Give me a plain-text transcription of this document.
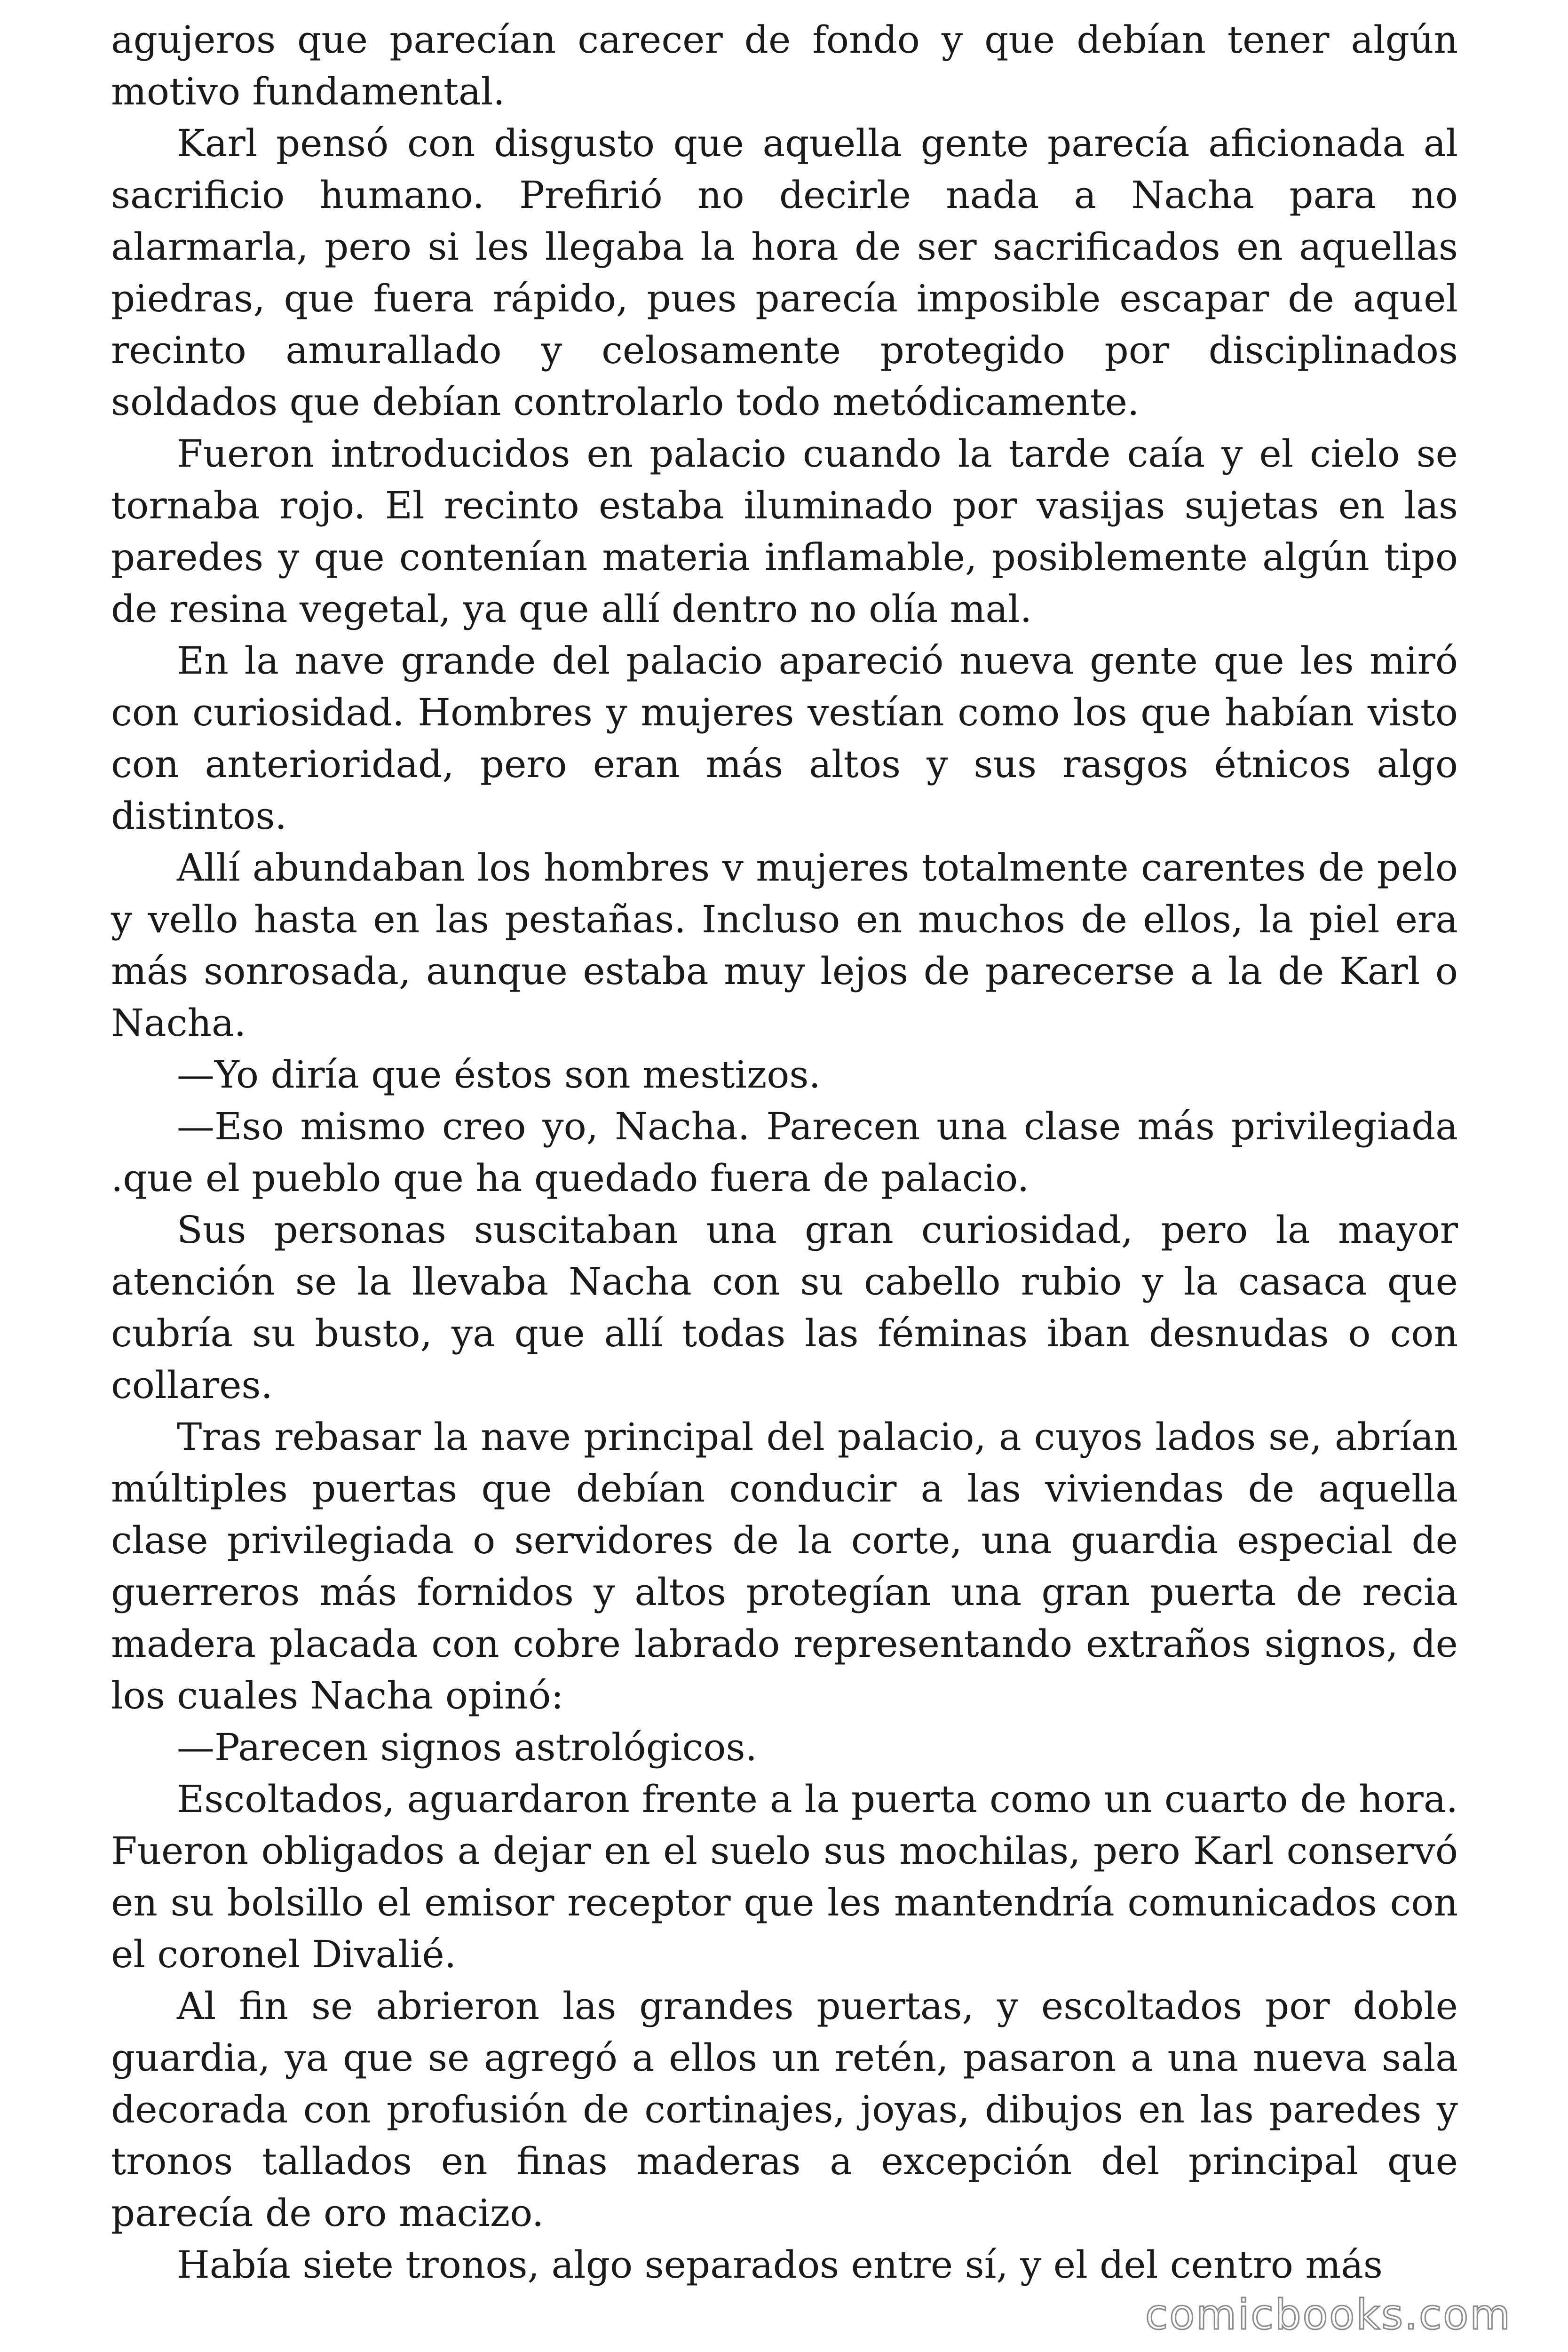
agujeros que parecían carecer de fondo y que debían tener algún motivo fundamental.

Karl pensó con disgusto que aquella gente parecía aficionada al sacrificio humano. Prefirió no decirle nada a Nacha para no alarmarla, pero si les llegaba la hora de ser sacrificados en aquellas piedras, que fuera rápido, pues parecía imposible escapar de aquel recinto amurallado y celosamente protegido por disciplinados soldados que debían controlarlo todo metódicamente.

Fueron introducidos en palacio cuando la tarde caía y el cielo se tornaba rojo. El recinto estaba iluminado por vasijas sujetas en las paredes y que contenían materia inflamable, posiblemente algún tipo de resina vegetal, ya que allí dentro no olía mal.

En la nave grande del palacio apareció nueva gente que les miró con curiosidad. Hombres y mujeres vestían como los que habían visto con anterioridad, pero eran más altos y sus rasgos étnicos algo distintos.

Allí abundaban los hombres v mujeres totalmente carentes de pelo y vello hasta en las pestañas. Incluso en muchos de ellos, la piel era más sonrosada, aunque estaba muy lejos de parecerse a la de Karl o Nacha.

—Yo diría que éstos son mestizos.

—Eso mismo creo yo, Nacha. Parecen una clase más privilegiada .que el pueblo que ha quedado fuera de palacio.

Sus personas suscitaban una gran curiosidad, pero la mayor atención se la llevaba Nacha con su cabello rubio y la casaca que cubría su busto, ya que allí todas las féminas iban desnudas o con collares.

Tras rebasar la nave principal del palacio, a cuyos lados se, abrían múltiples puertas que debían conducir a las viviendas de aquella clase privilegiada o servidores de la corte, una guardia especial de guerreros más fornidos y altos protegían una gran puerta de recia madera placada con cobre labrado representando extraños signos, de los cuales Nacha opinó:

—Parecen signos astrológicos.

Escoltados, aguardaron frente a la puerta como un cuarto de hora. Fueron obligados a dejar en el suelo sus mochilas, pero Karl conservó en su bolsillo el emisor receptor que les mantendría comunicados con el coronel Divalié.

Al fin se abrieron las grandes puertas, y escoltados por doble guardia, ya que se agregó a ellos un retén, pasaron a una nueva sala decorada con profusión de cortinajes, joyas, dibujos en las paredes y tronos tallados en finas maderas a excepción del principal que parecía de oro macizo.

Había siete tronos, algo separados entre sí, y el del centro más

comicbooks.com
